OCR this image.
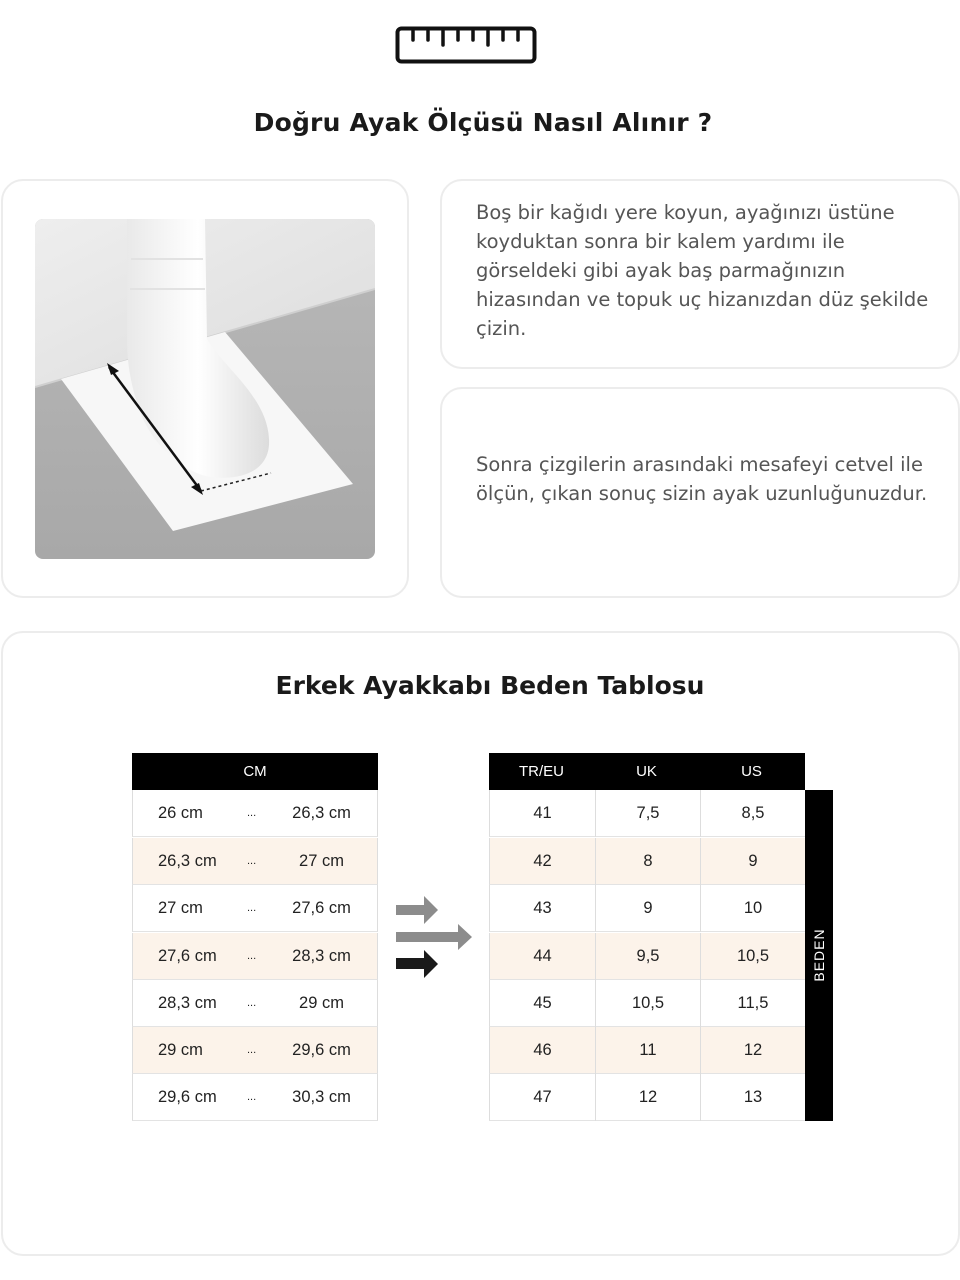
Doğru Ayak Ölçüsü Nasıl Alınır ?

Boş bir kağıdı yere koyun, ayağınızı üstüne koyduktan sonra bir kalem yardımı ile görseldeki gibi ayak baş parmağınızın hizasından ve topuk uç hizanızdan düz şekilde çizin.

Sonra çizgilerin arasındaki mesafeyi cetvel ile ölçün, çıkan sonuç sizin ayak uzunluğunuzdur.

Erkek Ayakkabı Beden Tablosu
CM
26 cm	...	26,3 cm
26,3 cm	...	27 cm
27 cm	...	27,6 cm
27,6 cm	...	28,3 cm
28,3 cm	...	29 cm
29 cm	...	29,6 cm
29,6 cm	...	30,3 cm
TR/EU	UK	US
41	7,5	8,5
42	8	9
43	9	10
44	9,5	10,5
45	10,5	11,5
46	11	12
47	12	13
BEDEN
